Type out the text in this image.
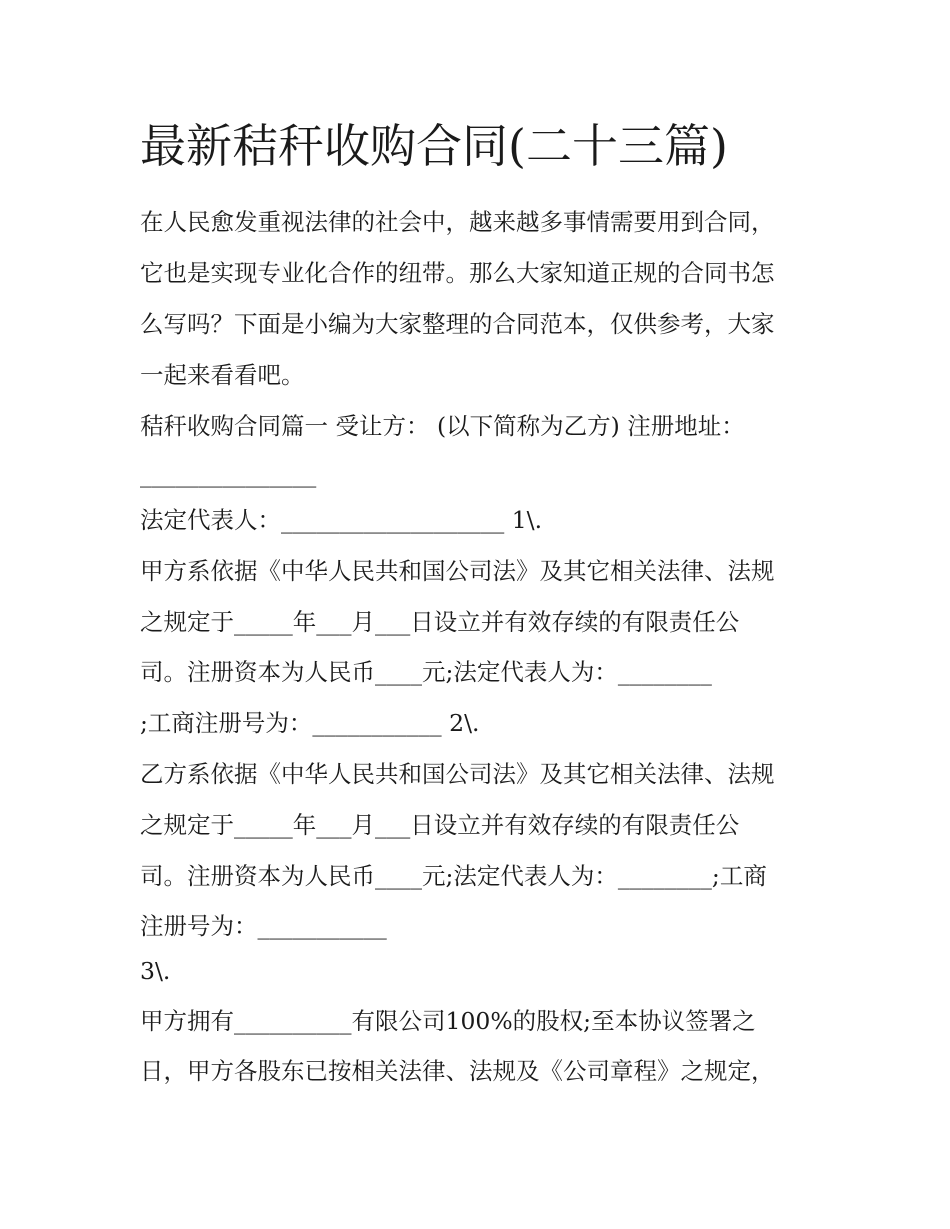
最新秸秆收购合同(二十三篇)
在人民愈发重视法律的社会中，越来越多事情需要用到合同，
它也是实现专业化合作的纽带。那么大家知道正规的合同书怎
么写吗？下面是小编为大家整理的合同范本，仅供参考，大家
一起来看看吧。
秸秆收购合同篇一 受让方： (以下简称为乙方) 注册地址：
_______________
法定代表人：___________________ 1\.
甲方系依据《中华人民共和国公司法》及其它相关法律、法规
之规定于_____年___月___日设立并有效存续的有限责任公
司。注册资本为人民币____元;法定代表人为：________
;工商注册号为：___________ 2\.
乙方系依据《中华人民共和国公司法》及其它相关法律、法规
之规定于_____年___月___日设立并有效存续的有限责任公
司。注册资本为人民币____元;法定代表人为：________;工商
注册号为：___________
3\.
甲方拥有__________有限公司100%的股权;至本协议签署之
日，甲方各股东已按相关法律、法规及《公司章程》之规定，
